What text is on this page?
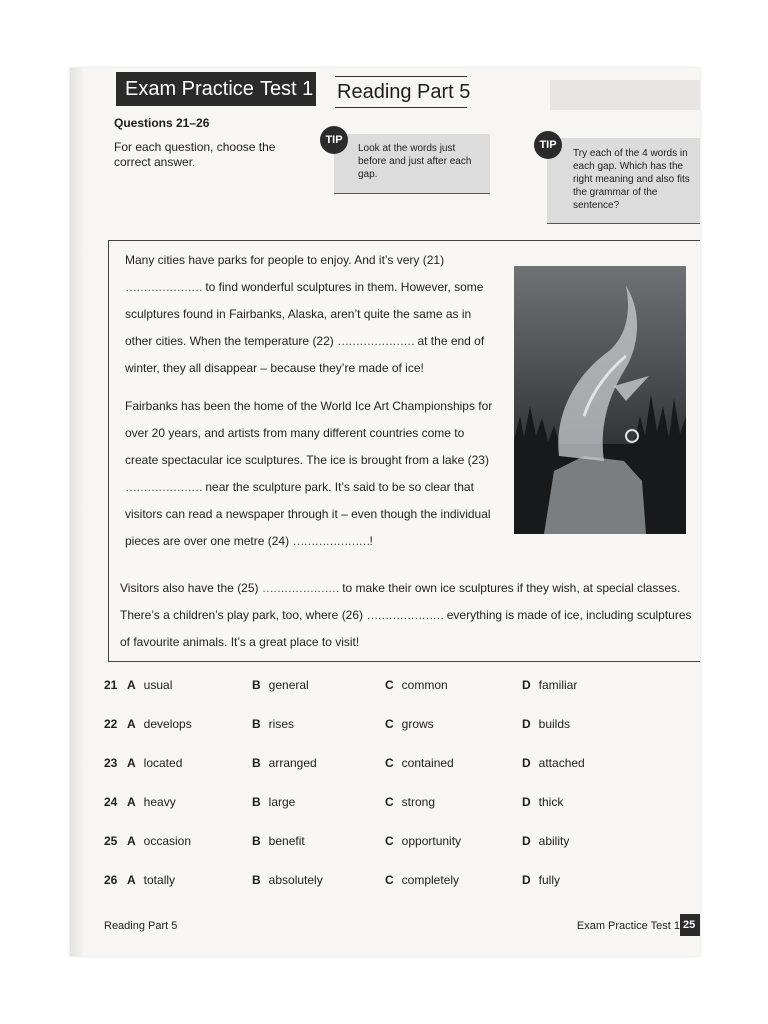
Exam Practice Test 1 Reading Part 5
Questions 21–26
For each question, choose the correct answer.
Look at the words just before and just after each gap.
TIP
Try each of the 4 words in each gap. Which has the right meaning and also fits the grammar of the sentence?
TIP
Many cities have parks for people to enjoy. And it’s very (21) ………………… to find wonderful sculptures in them. However, some sculptures found in Fairbanks, Alaska, aren’t quite the same as in other cities. When the temperature (22) ………………… at the end of winter, they all disappear – because they’re made of ice!
Fairbanks has been the home of the World Ice Art Championships for over 20 years, and artists from many different countries come to create spectacular ice sculptures. The ice is brought from a lake (23) ………………… near the sculpture park. It’s said to be so clear that visitors can read a newspaper through it – even though the individual pieces are over one metre (24) …………………!
Visitors also have the (25) ………………… to make their own ice sculptures if they wish, at special classes. There’s a children’s play park, too, where (26) ………………… everything is made of ice, including sculptures of favourite animals. It’s a great place to visit!
21 A usual	B general	C common	D familiar
22 A develops	B rises	C grows	D builds
23 A located	B arranged	C contained	D attached
24 A heavy	B large	C strong	D thick
25 A occasion	B benefit	C opportunity	D ability
26 A totally	B absolutely	C completely	D fully
Reading Part 5	Exam Practice Test 1 25
